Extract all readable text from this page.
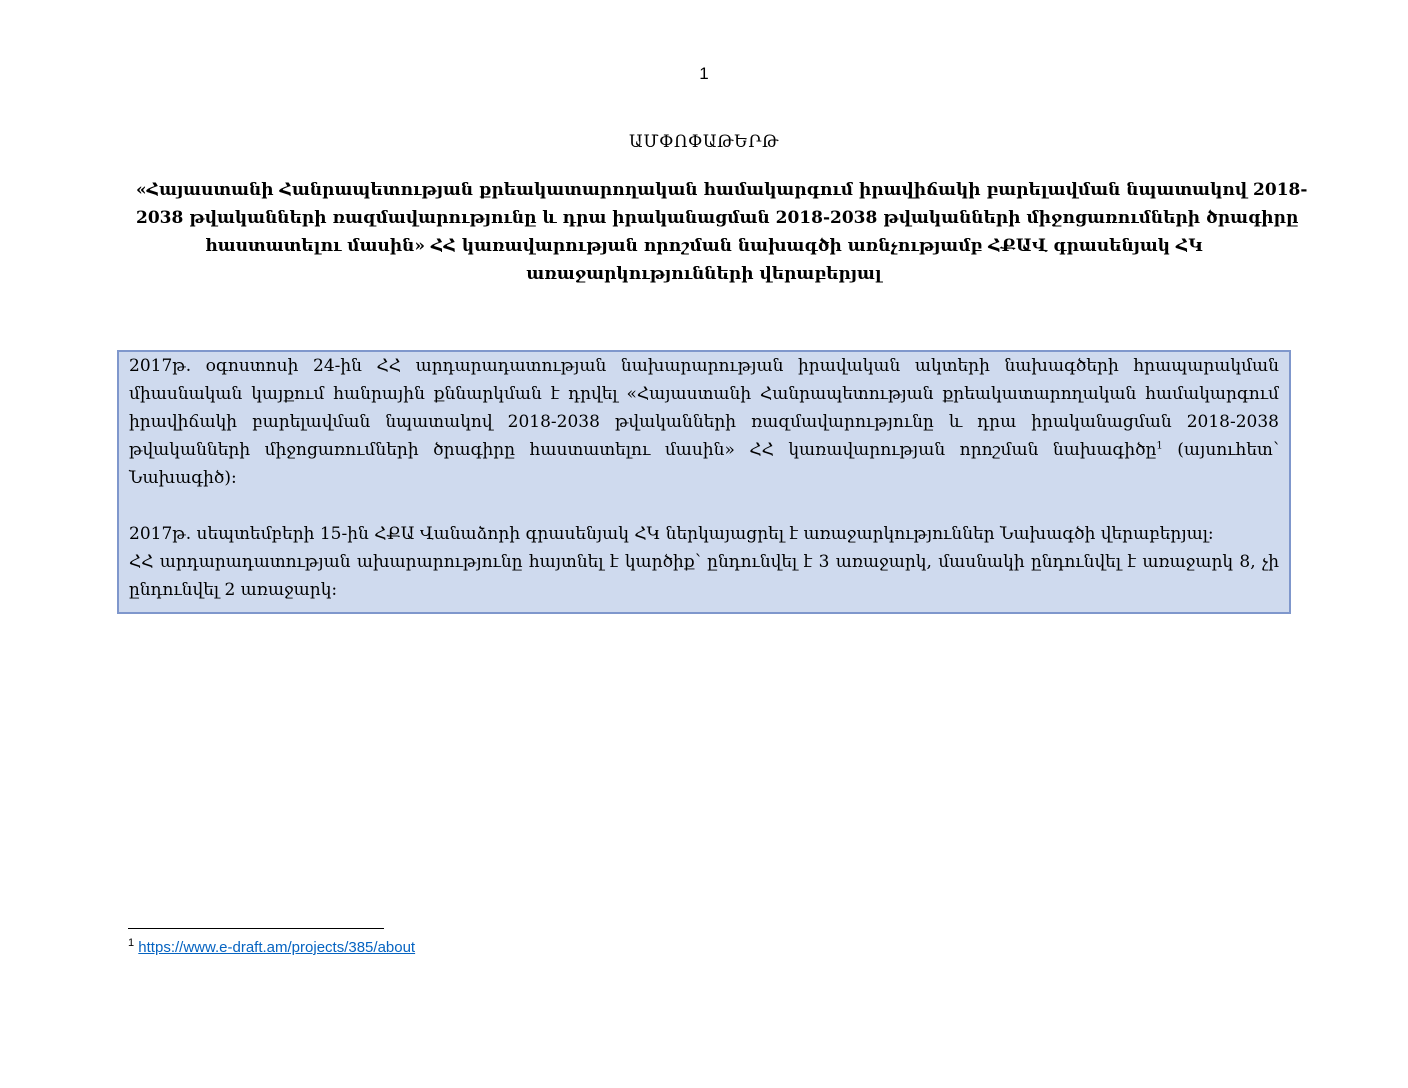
1
ԱՄՓՈՓԱԹԵՐԹ
«Հայաստանի Հանրապետության քրեակատարողական համակարգում իրավիճակի բարելավման նպատակով 2018-
2038 թվականների ռազմավարությունը և դրա իրականացման 2018-2038 թվականների միջոցառումների ծրագիրը
հաստատելու մասին» ՀՀ կառավարության որոշման նախագծի առնչությամբ ՀՔԱՎ գրասենյակ ՀԿ
առաջարկությունների վերաբերյալ

2017թ. օգոստոսի 24-ին ՀՀ արդարադատության նախարարության իրավական ակտերի նախագծերի հրապարակման միասնական կայքում հանրային քննարկման է դրվել «Հայաստանի Հանրապետության քրեակատարողական համակարգում իրավիճակի բարելավման նպատակով 2018-2038 թվականների ռազմավարությունը և դրա իրականացման 2018-2038 թվականների միջոցառումների ծրագիրը հաստատելու մասին» ՀՀ կառավարության որոշման նախագիծը$^1$ (այսուհետ՝ Նախագիծ):

2017թ. սեպտեմբերի 15-ին ՀՔԱ Վանաձորի գրասենյակ ՀԿ ներկայացրել է առաջարկություններ Նախագծի վերաբերյալ:

ՀՀ արդարադատության ախարարությունը հայտնել է կարծիք՝ ընդունվել է 3 առաջարկ, մասնակի ընդունվել է առաջարկ 8, չի ընդունվել 2 առաջարկ:

$^1$ https://www.e-draft.am/projects/385/about
